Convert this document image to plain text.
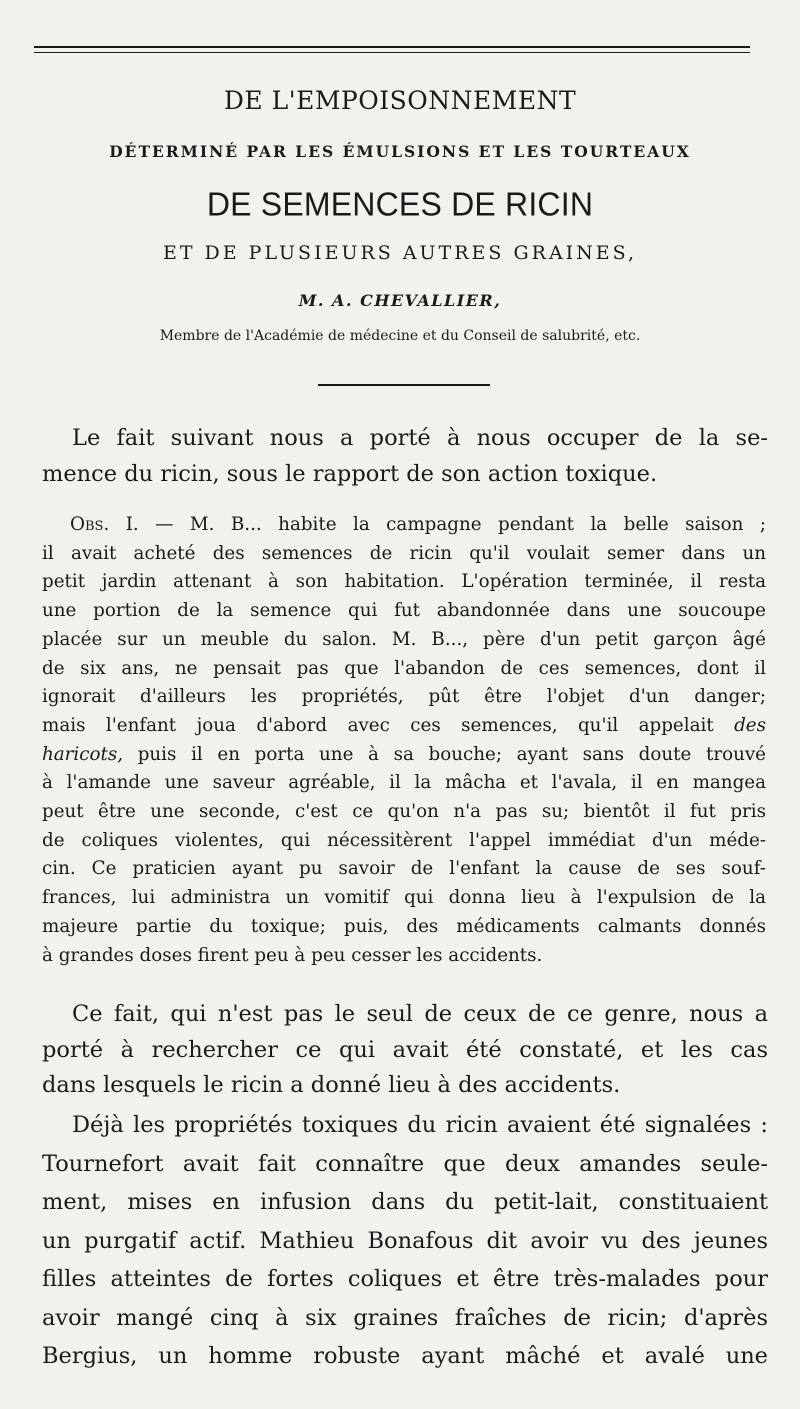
DE L'EMPOISONNEMENT
DÉTERMINÉ PAR LES ÉMULSIONS ET LES TOURTEAUX
DE SEMENCES DE RICIN
ET DE PLUSIEURS AUTRES GRAINES,
M. A. CHEVALLIER,
Membre de l'Académie de médecine et du Conseil de salubrité, etc.
Le fait suivant nous a porté à nous occuper de la se-
mence du ricin, sous le rapport de son action toxique.
Obs. I. — M. B... habite la campagne pendant la belle saison ;
il avait acheté des semences de ricin qu'il voulait semer dans un
petit jardin attenant à son habitation. L'opération terminée, il resta
une portion de la semence qui fut abandonnée dans une soucoupe
placée sur un meuble du salon. M. B..., père d'un petit garçon âgé
de six ans, ne pensait pas que l'abandon de ces semences, dont il
ignorait d'ailleurs les propriétés, pût être l'objet d'un danger;
mais l'enfant joua d'abord avec ces semences, qu'il appelait des
haricots, puis il en porta une à sa bouche; ayant sans doute trouvé
à l'amande une saveur agréable, il la mâcha et l'avala, il en mangea
peut être une seconde, c'est ce qu'on n'a pas su; bientôt il fut pris
de coliques violentes, qui nécessitèrent l'appel immédiat d'un méde-
cin. Ce praticien ayant pu savoir de l'enfant la cause de ses souf-
frances, lui administra un vomitif qui donna lieu à l'expulsion de la
majeure partie du toxique; puis, des médicaments calmants donnés
à grandes doses firent peu à peu cesser les accidents.
Ce fait, qui n'est pas le seul de ceux de ce genre, nous a
porté à rechercher ce qui avait été constaté, et les cas
dans lesquels le ricin a donné lieu à des accidents.
Déjà les propriétés toxiques du ricin avaient été signalées :
Tournefort avait fait connaître que deux amandes seule-
ment, mises en infusion dans du petit-lait, constituaient
un purgatif actif. Mathieu Bonafous dit avoir vu des jeunes
filles atteintes de fortes coliques et être très-malades pour
avoir mangé cinq à six graines fraîches de ricin; d'après
Bergius, un homme robuste ayant mâché et avalé une
